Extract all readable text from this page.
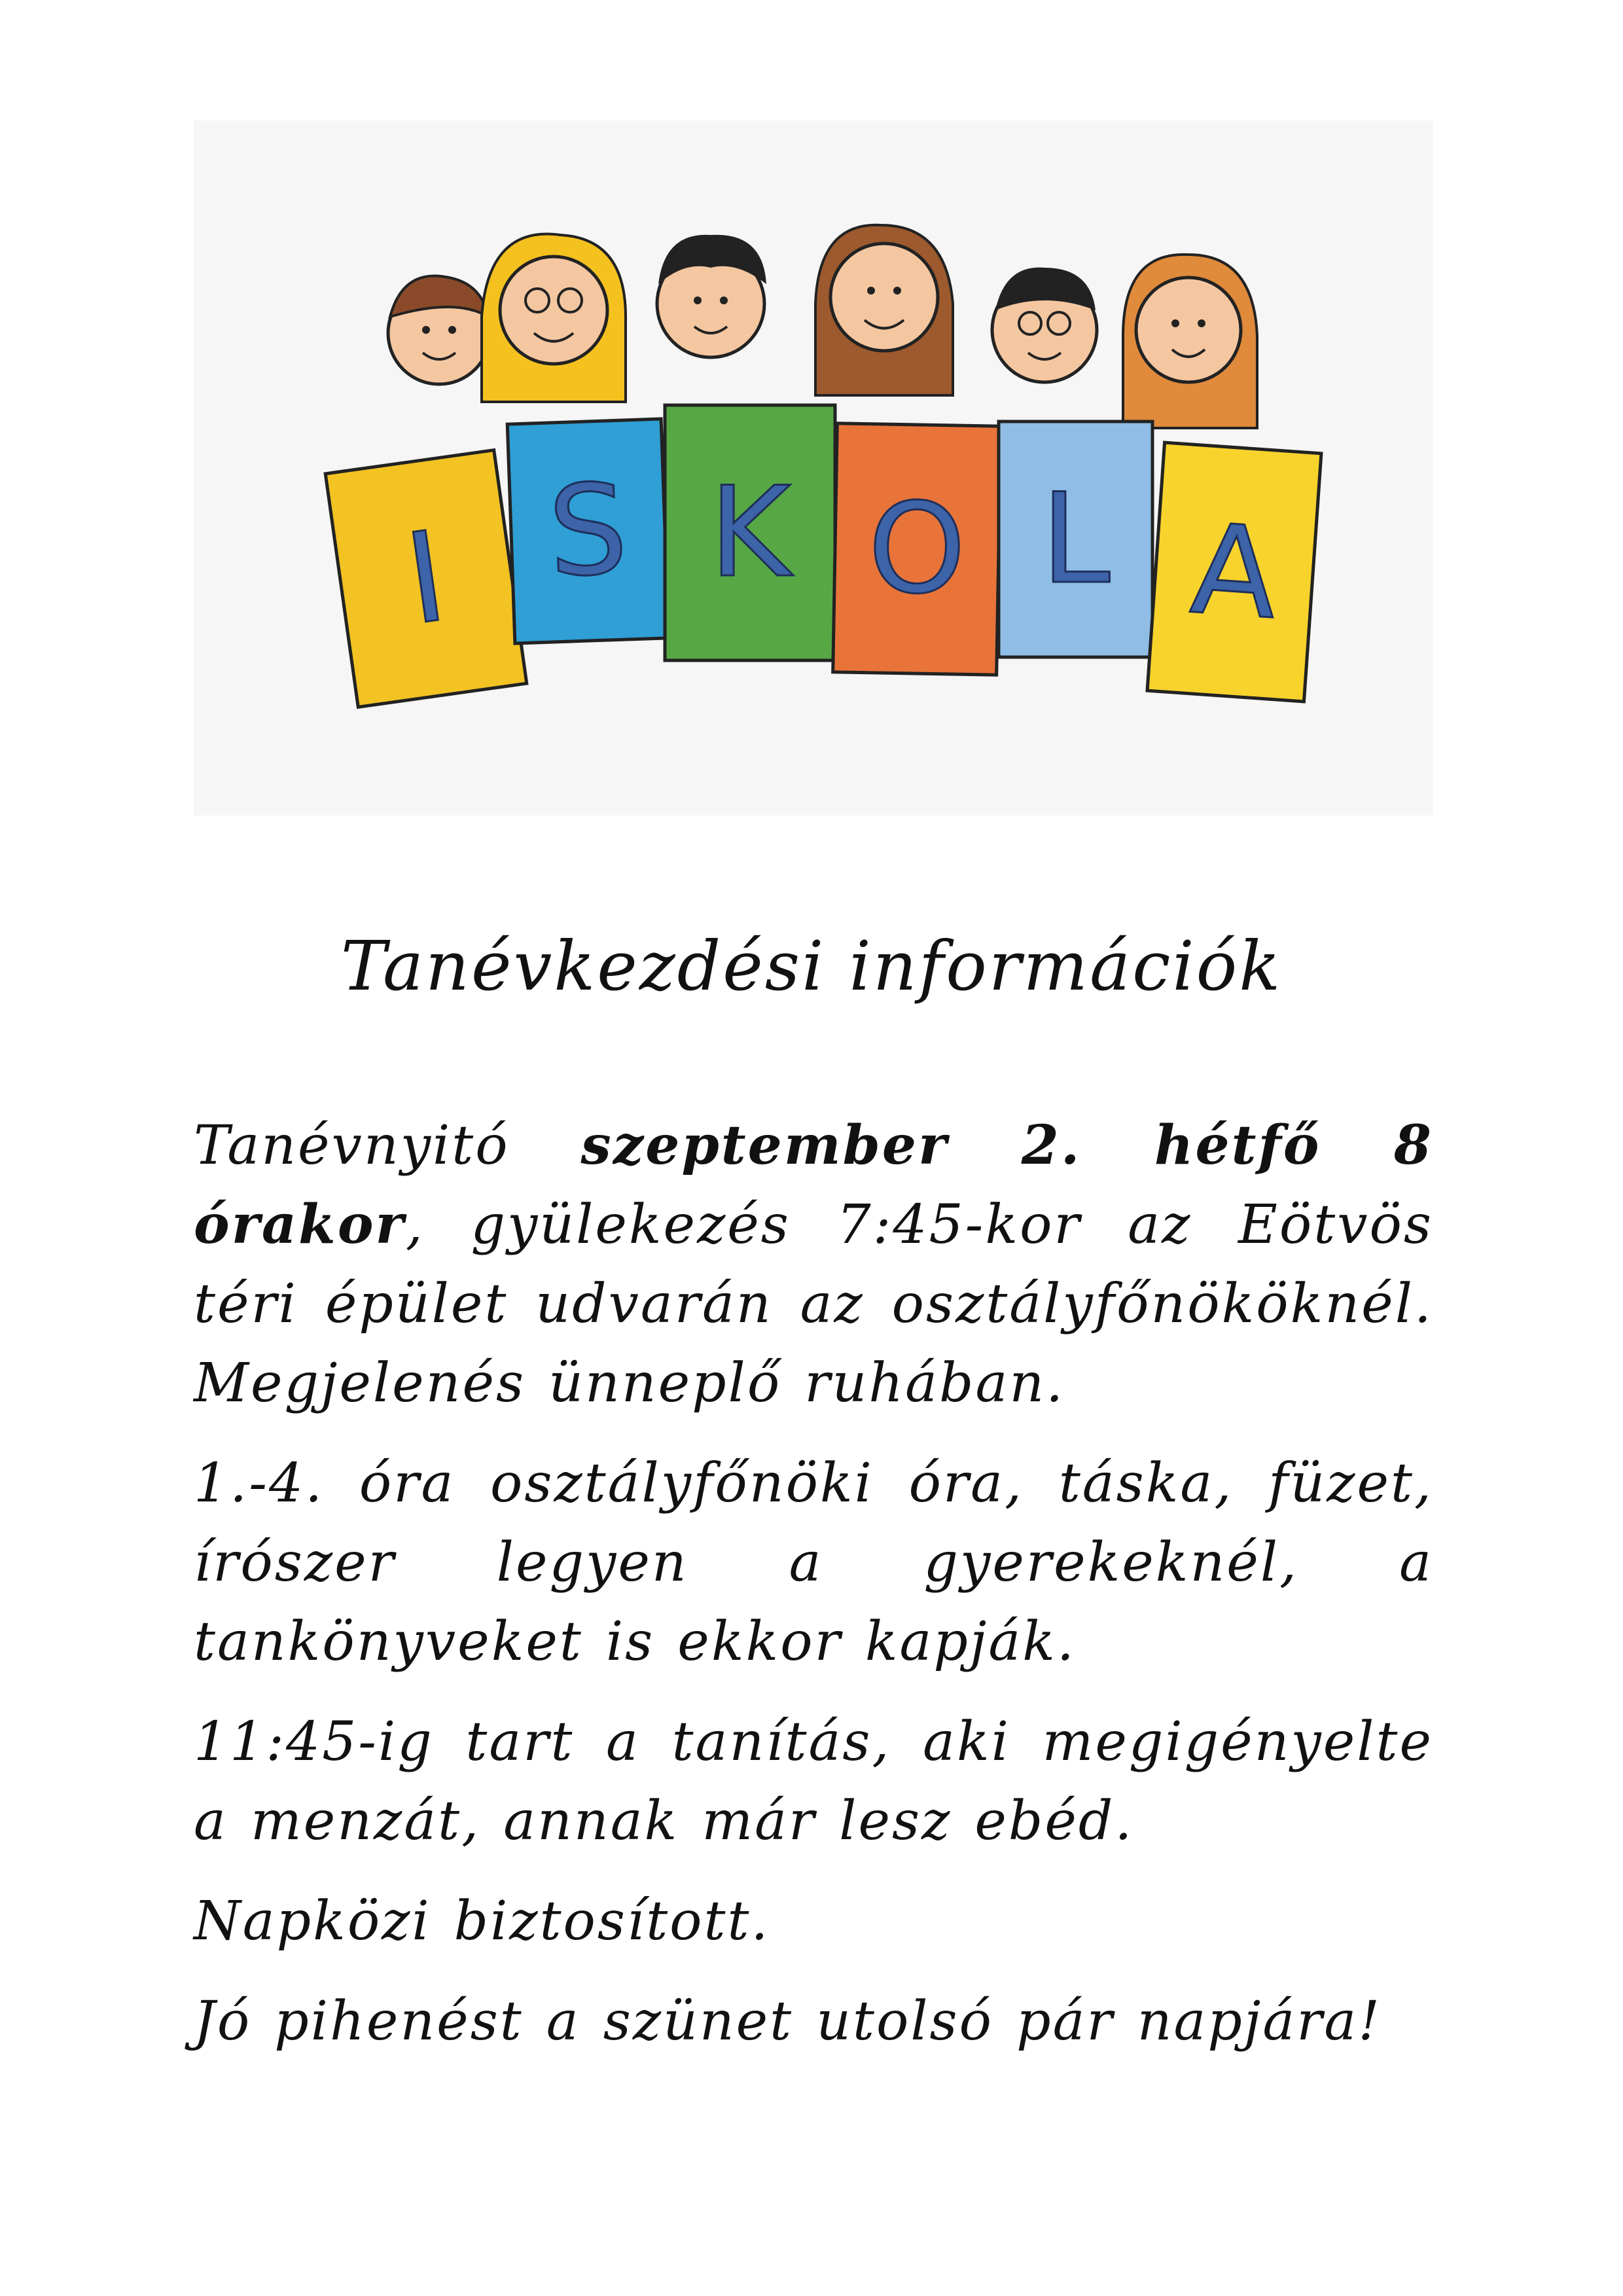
I S K O L A
Tanévkezdési információk

Tanévnyitó szeptember 2. hétfő 8 órakor, gyülekezés 7:45-kor az Eötvös téri épület udvarán az osztályfőnököknél. Megjelenés ünneplő ruhában.

1.-4. óra osztályfőnöki óra, táska, füzet, írószer legyen a gyerekeknél, a tankönyveket is ekkor kapják.

11:45-ig tart a tanítás, aki megigényelte a menzát, annak már lesz ebéd.

Napközi biztosított.

Jó pihenést a szünet utolsó pár napjára!
